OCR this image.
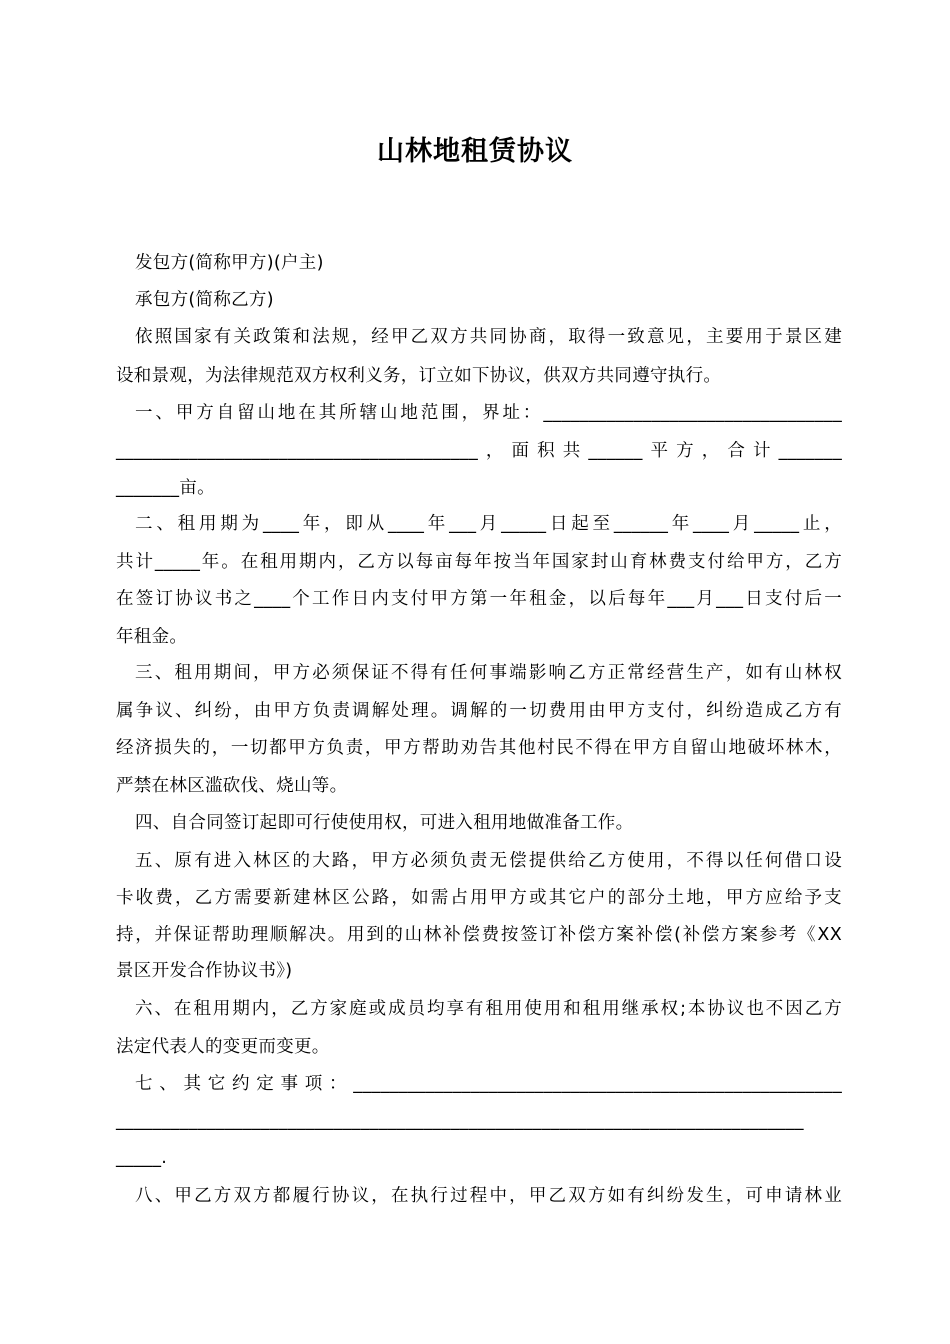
山林地租赁协议
发包方(简称甲方)(户主)
承包方(简称乙方)
依照国家有关政策和法规，经甲乙双方共同协商，取得一致意见，主要用于景区建
设和景观，为法律规范双方权利义务，订立如下协议，供双方共同遵守执行。
一、甲方自留山地在其所辖山地范围，界址：_________________________________
________________________________________，面积共______平方，合计_______
_______亩。
二、租用期为____年，即从____年___月_____日起至______年____月_____止，
共计_____年。在租用期内，乙方以每亩每年按当年国家封山育林费支付给甲方，乙方
在签订协议书之____个工作日内支付甲方第一年租金，以后每年___月___日支付后一
年租金。
三、租用期间，甲方必须保证不得有任何事端影响乙方正常经营生产，如有山林权
属争议、纠纷，由甲方负责调解处理。调解的一切费用由甲方支付，纠纷造成乙方有
经济损失的，一切都甲方负责，甲方帮助劝告其他村民不得在甲方自留山地破坏林木，
严禁在林区滥砍伐、烧山等。
四、自合同签订起即可行使使用权，可进入租用地做准备工作。
五、原有进入林区的大路，甲方必须负责无偿提供给乙方使用，不得以任何借口设
卡收费，乙方需要新建林区公路，如需占用甲方或其它户的部分土地，甲方应给予支
持，并保证帮助理顺解决。用到的山林补偿费按签订补偿方案补偿(补偿方案参考《XX
景区开发合作协议书》)
六、在租用期内，乙方家庭或成员均享有租用使用和租用继承权;本协议也不因乙方
法定代表人的变更而变更。
七、其它约定事项：______________________________________________________
____________________________________________________________________________
_____.
八、甲乙方双方都履行协议，在执行过程中，甲乙双方如有纠纷发生，可申请林业
